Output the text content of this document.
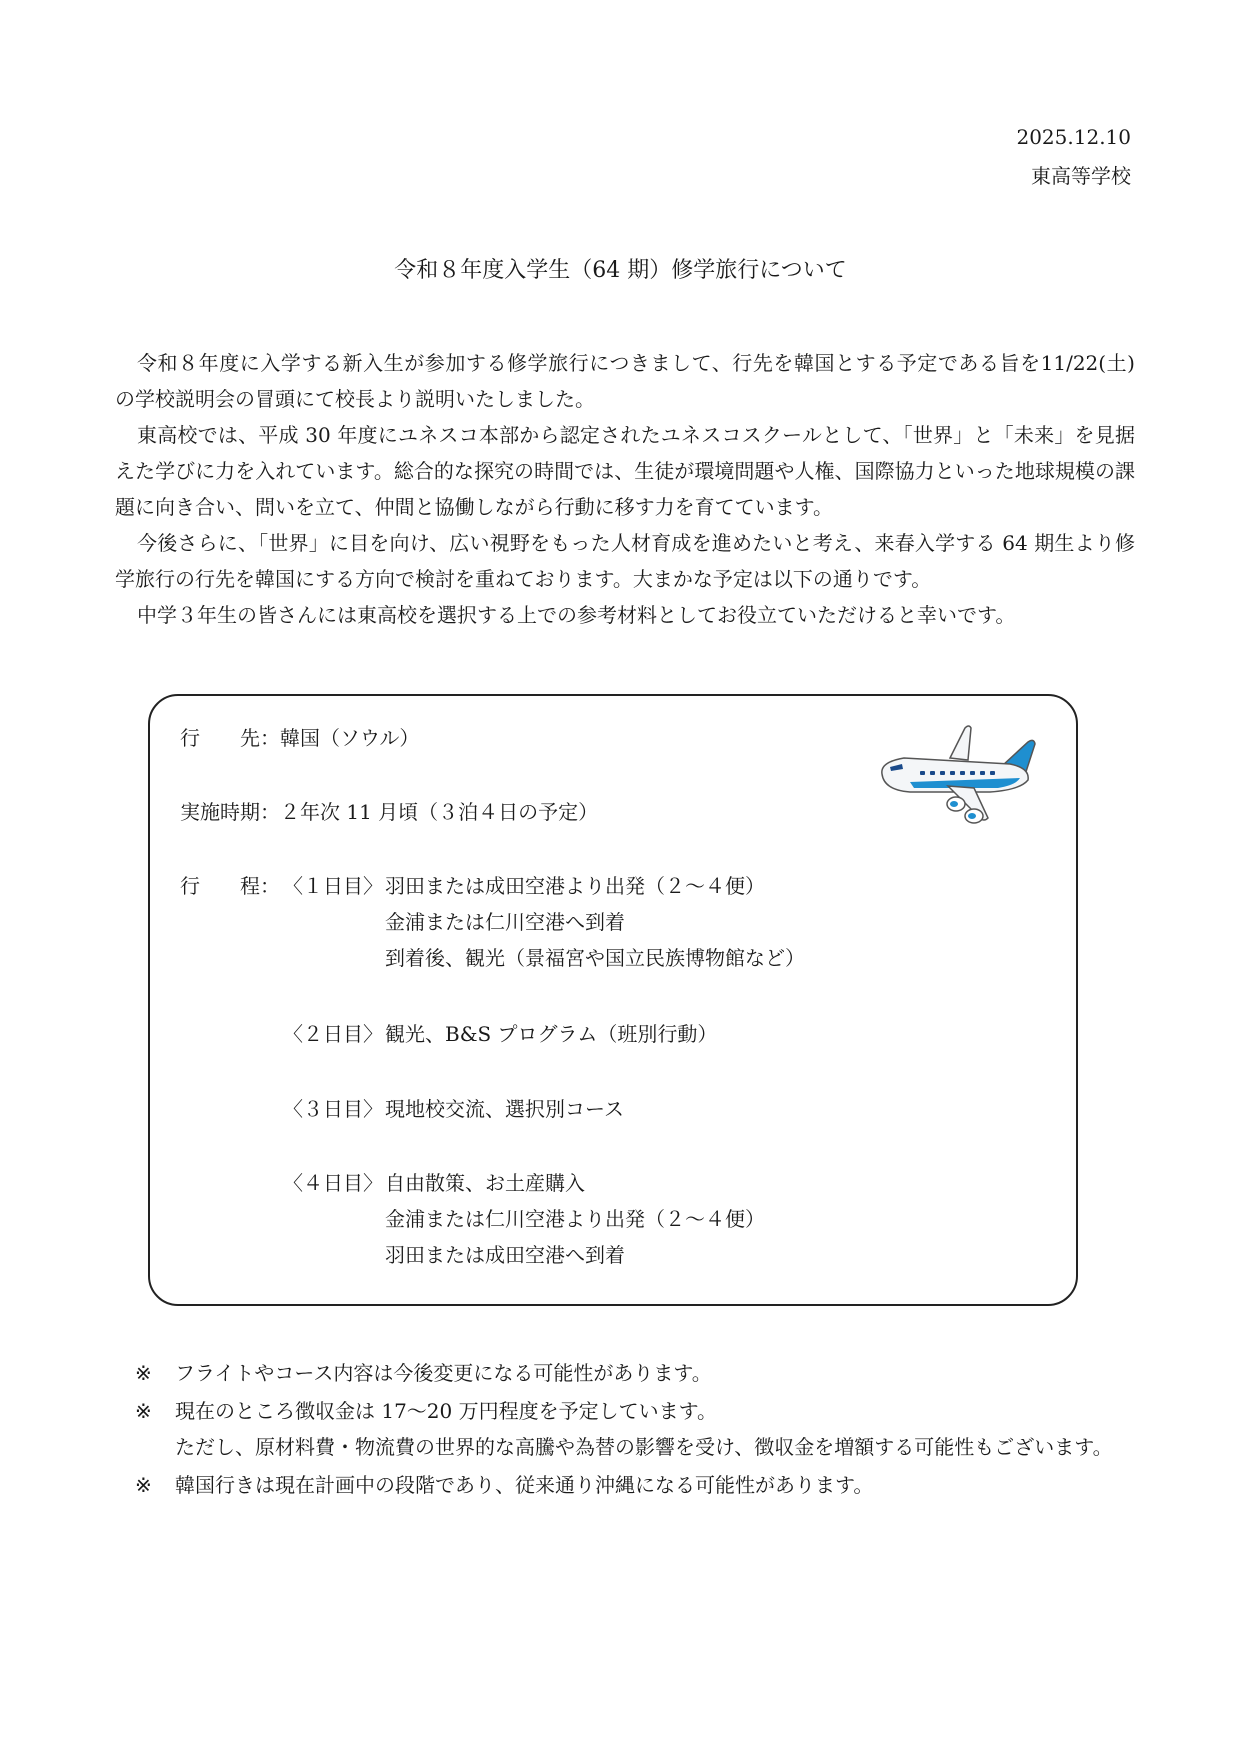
2025.12.10
東高等学校
令和８年度入学生（64 期）修学旅行について

令和８年度に入学する新入生が参加する修学旅行につきまして、行先を韓国とする予定である旨を11/22(土) の学校説明会の冒頭にて校長より説明いたしました。

東高校では、平成 30 年度にユネスコ本部から認定されたユネスコスクールとして、「世界」と「未来」を見据えた学びに力を入れています。総合的な探究の時間では、生徒が環境問題や人権、国際協力といった地球規模の課題に向き合い、問いを立て、仲間と協働しながら行動に移す力を育てています。

今後さらに、「世界」に目を向け、広い視野をもった人材育成を進めたいと考え、来春入学する 64 期生より修学旅行の行先を韓国にする方向で検討を重ねております。大まかな予定は以下の通りです。

中学３年生の皆さんには東高校を選択する上での参考材料としてお役立ていただけると幸いです。

行　　先：韓国（ソウル）
実施時期：２年次 11 月頃（３泊４日の予定）
行　　程： 〈１日目〉 羽田または成田空港より出発（２～４便）
金浦または仁川空港へ到着
到着後、観光（景福宮や国立民族博物館など）
〈２日目〉 観光、B&S プログラム（班別行動）
〈３日目〉 現地校交流、選択別コース
〈４日目〉 自由散策、お土産購入
金浦または仁川空港より出発（２～４便）
羽田または成田空港へ到着
※ フライトやコース内容は今後変更になる可能性があります。
※ 現在のところ徴収金は 17～20 万円程度を予定しています。
ただし、原材料費・物流費の世界的な高騰や為替の影響を受け、徴収金を増額する可能性もございます。
※ 韓国行きは現在計画中の段階であり、従来通り沖縄になる可能性があります。
